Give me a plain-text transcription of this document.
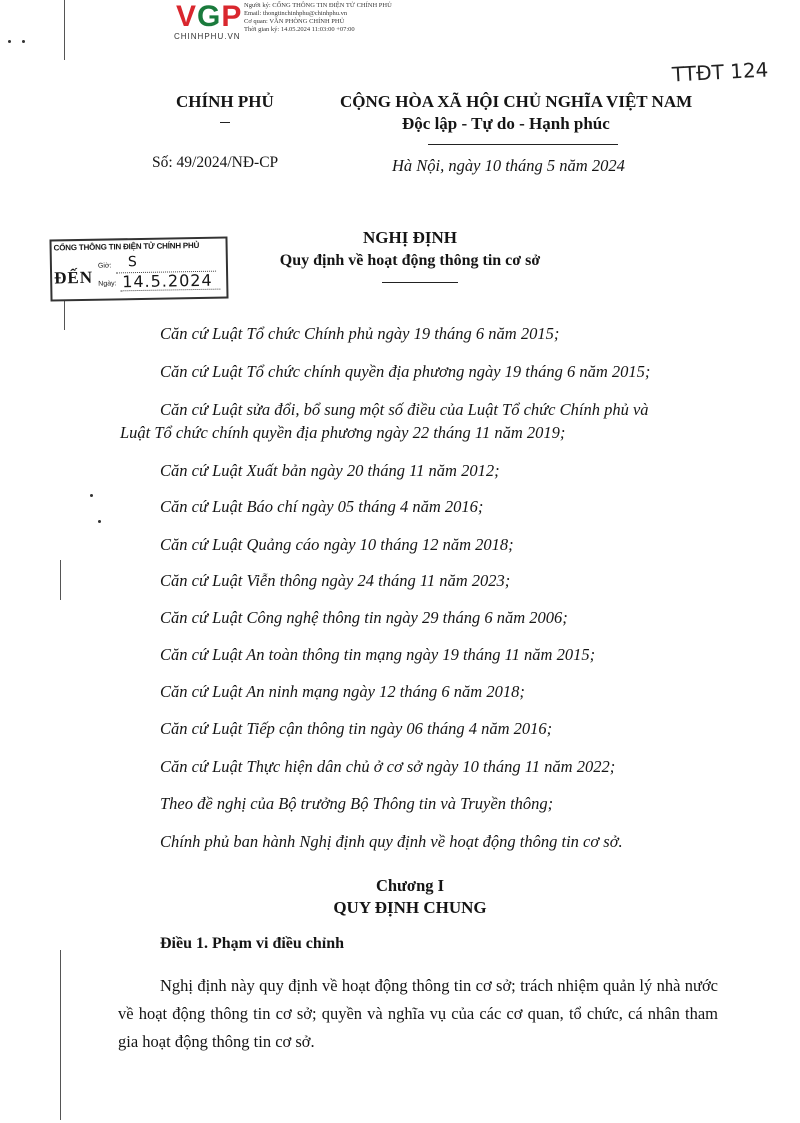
VGP
CHINHPHU.VN
Người ký: CỔNG THÔNG TIN ĐIỆN TỬ CHÍNH PHỦ
Email: thongtinchinhphu@chinhphu.vn
Cơ quan: VĂN PHÒNG CHÍNH PHỦ
Thời gian ký: 14.05.2024 11:03:00 +07:00
TTĐT 124
CHÍNH PHỦ	CỘNG HÒA XÃ HỘI CHỦ NGHĨA VIỆT NAM
Độc lập - Tự do - Hạnh phúc
Số: 49/2024/NĐ-CP	Hà Nội, ngày 10 tháng 5 năm 2024
CỔNG THÔNG TIN ĐIỆN TỬ CHÍNH PHỦ
ĐẾN
Giờ: S
Ngày: 14.5.2024
NGHỊ ĐỊNH
Quy định về hoạt động thông tin cơ sở
Căn cứ Luật Tổ chức Chính phủ ngày 19 tháng 6 năm 2015;
Căn cứ Luật Tổ chức chính quyền địa phương ngày 19 tháng 6 năm 2015;
Căn cứ Luật sửa đổi, bổ sung một số điều của Luật Tổ chức Chính phủ và
Luật Tổ chức chính quyền địa phương ngày 22 tháng 11 năm 2019;
Căn cứ Luật Xuất bản ngày 20 tháng 11 năm 2012;
Căn cứ Luật Báo chí ngày 05 tháng 4 năm 2016;
Căn cứ Luật Quảng cáo ngày 10 tháng 12 năm 2018;
Căn cứ Luật Viễn thông ngày 24 tháng 11 năm 2023;
Căn cứ Luật Công nghệ thông tin ngày 29 tháng 6 năm 2006;
Căn cứ Luật An toàn thông tin mạng ngày 19 tháng 11 năm 2015;
Căn cứ Luật An ninh mạng ngày 12 tháng 6 năm 2018;
Căn cứ Luật Tiếp cận thông tin ngày 06 tháng 4 năm 2016;
Căn cứ Luật Thực hiện dân chủ ở cơ sở ngày 10 tháng 11 năm 2022;
Theo đề nghị của Bộ trưởng Bộ Thông tin và Truyền thông;
Chính phủ ban hành Nghị định quy định về hoạt động thông tin cơ sở.
Chương I
QUY ĐỊNH CHUNG
Điều 1. Phạm vi điều chỉnh
Nghị định này quy định về hoạt động thông tin cơ sở; trách nhiệm quản lý nhà nước về hoạt động thông tin cơ sở; quyền và nghĩa vụ của các cơ quan, tổ chức, cá nhân tham gia hoạt động thông tin cơ sở.
